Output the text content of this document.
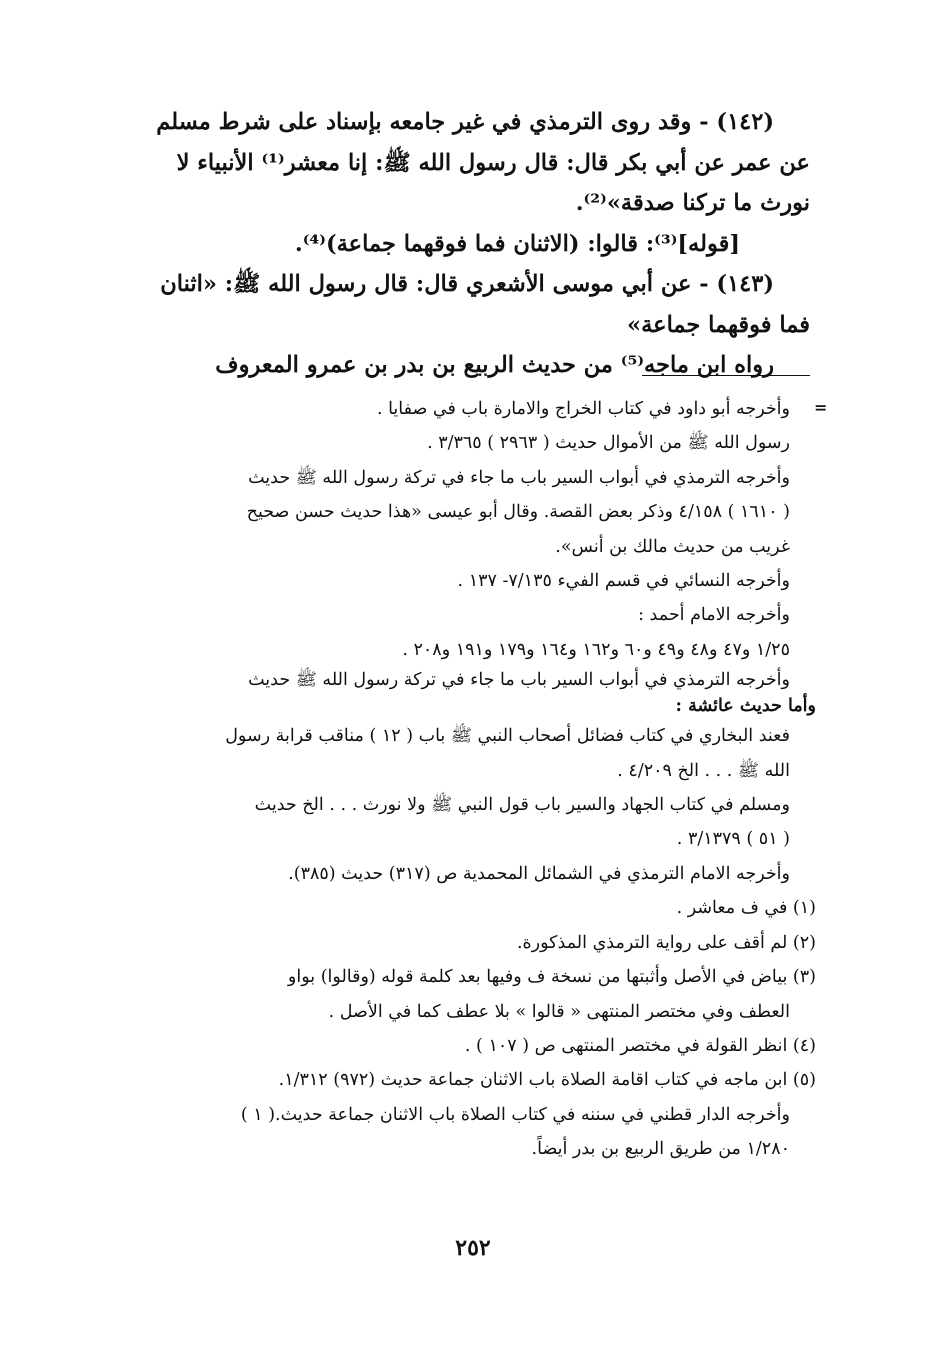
(١٤٢) - وقد روى الترمذي في غير جامعه بإسناد على شرط مسلم

عن عمر عن أبي بكر قال: قال رسول الله ﷺ: إنا معشر⁽¹⁾ الأنبياء لا

نورث ما تركنا صدقة»⁽²⁾.

[قوله]⁽³⁾: قالوا: (الاثنان فما فوقهما جماعة)⁽⁴⁾.

(١٤٣) - عن أبي موسى الأشعري قال: قال رسول الله ﷺ: «اثنان

فما فوقهما جماعة»

رواه ابن ماجه⁽⁵⁾ من حديث الربيع بن بدر بن عمرو المعروف

=

وأخرجه أبو داود في كتاب الخراج والامارة باب في صفايا .

رسول الله ﷺ من الأموال حديث ( ٢٩٦٣ ) ٣/٣٦٥ .

وأخرجه الترمذي في أبواب السير باب ما جاء في تركة رسول الله ﷺ حديث

( ١٦١٠ ) ٤/١٥٨ وذكر بعض القصة. وقال أبو عيسى «هذا حديث حسن صحيح

غريب من حديث مالك بن أنس».

وأخرجه النسائي في قسم الفيء ٧/١٣٥- ١٣٧ .

وأخرجه الامام أحمد :

١/٢٥ و٤٧ و٤٨ و٤٩ و٦٠ و١٦٢ و١٦٤ و١٧٩ و١٩١ و٢٠٨ .

وأخرجه الترمذي في أبواب السير باب ما جاء في تركة رسول الله ﷺ حديث

وأما حديث عائشة :

فعند البخاري في كتاب فضائل أصحاب النبي ﷺ باب ( ١٢ ) مناقب قرابة رسول

الله ﷺ . . . الخ ٤/٢٠٩ .

ومسلم في كتاب الجهاد والسير باب قول النبي ﷺ ولا نورث . . . الخ حديث

( ٥١ ) ٣/١٣٧٩ .

وأخرجه الامام الترمذي في الشمائل المحمدية ص (٣١٧) حديث (٣٨٥).

(١) في ف معاشر .

(٢) لم أقف على رواية الترمذي المذكورة.

(٣) بياض في الأصل وأثبتها من نسخة ف وفيها بعد كلمة قوله (وقالوا) بواو

العطف وفي مختصر المنتهى « قالوا » بلا عطف كما في الأصل .

(٤) انظر القولة في مختصر المنتهى ص ( ١٠٧ ) .

(٥) ابن ماجه في كتاب اقامة الصلاة باب الاثنان جماعة حديث (٩٧٢) ١/٣١٢.

وأخرجه الدار قطني في سننه في كتاب الصلاة باب الاثنان جماعة حديث.( ١ )

١/٢٨٠ من طريق الربيع بن بدر أيضاً.

٢٥٢
